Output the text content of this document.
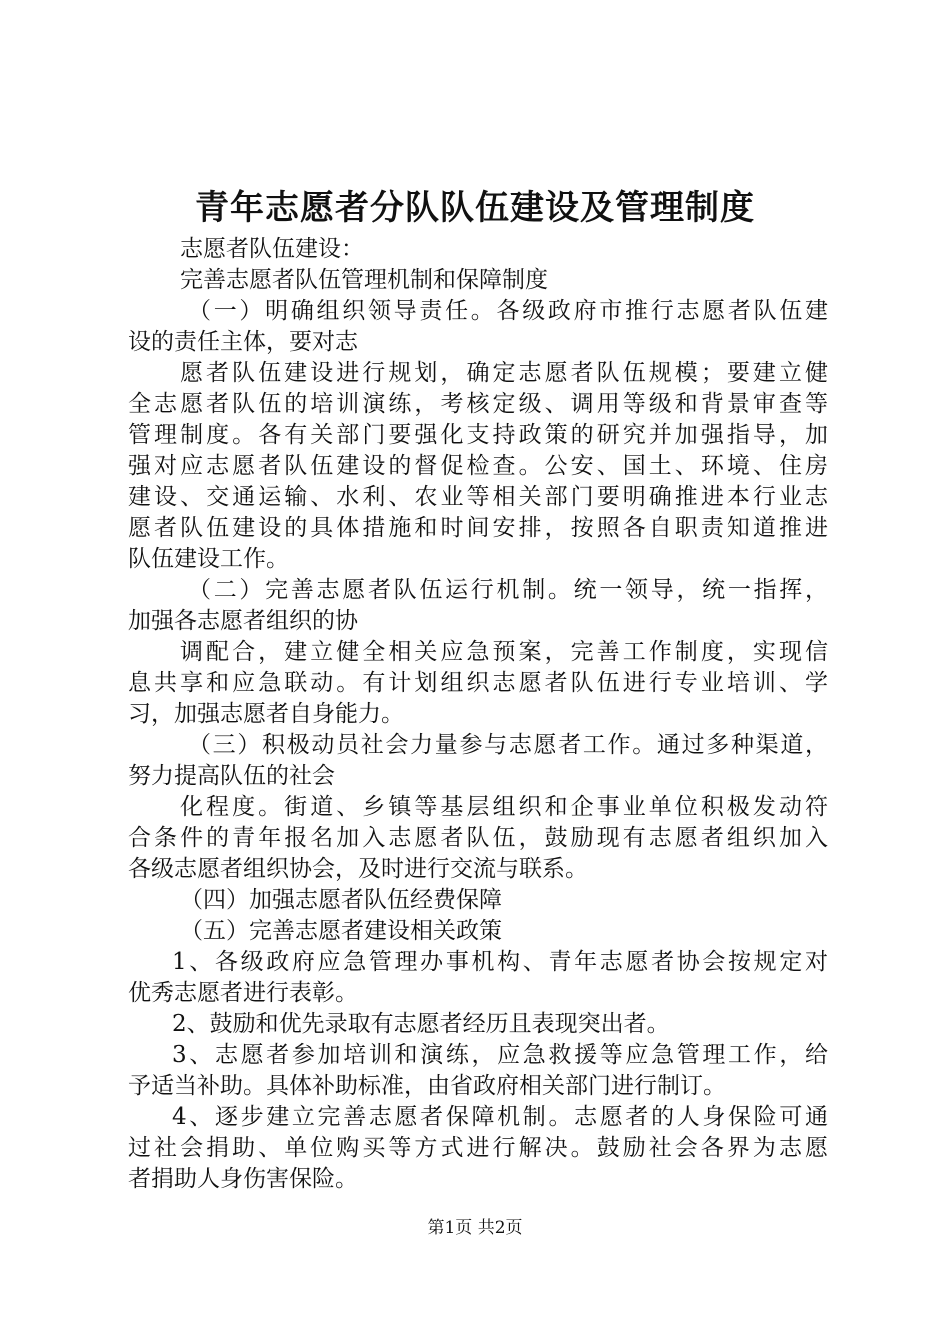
青年志愿者分队队伍建设及管理制度
志愿者队伍建设：
完善志愿者队伍管理机制和保障制度
（一）明确组织领导责任。各级政府市推行志愿者队伍建
设的责任主体，要对志
愿者队伍建设进行规划，确定志愿者队伍规模；要建立健
全志愿者队伍的培训演练，考核定级、调用等级和背景审查等
管理制度。各有关部门要强化支持政策的研究并加强指导，加
强对应志愿者队伍建设的督促检查。公安、国土、环境、住房
建设、交通运输、水利、农业等相关部门要明确推进本行业志
愿者队伍建设的具体措施和时间安排，按照各自职责知道推进
队伍建设工作。
（二）完善志愿者队伍运行机制。统一领导，统一指挥，
加强各志愿者组织的协
调配合，建立健全相关应急预案，完善工作制度，实现信
息共享和应急联动。有计划组织志愿者队伍进行专业培训、学
习，加强志愿者自身能力。
（三）积极动员社会力量参与志愿者工作。通过多种渠道，
努力提高队伍的社会
化程度。街道、乡镇等基层组织和企事业单位积极发动符
合条件的青年报名加入志愿者队伍，鼓励现有志愿者组织加入
各级志愿者组织协会，及时进行交流与联系。
（四）加强志愿者队伍经费保障
（五）完善志愿者建设相关政策
1、各级政府应急管理办事机构、青年志愿者协会按规定对
优秀志愿者进行表彰。
2、鼓励和优先录取有志愿者经历且表现突出者。
3、志愿者参加培训和演练，应急救援等应急管理工作，给
予适当补助。具体补助标准，由省政府相关部门进行制订。
4、逐步建立完善志愿者保障机制。志愿者的人身保险可通
过社会捐助、单位购买等方式进行解决。鼓励社会各界为志愿
者捐助人身伤害保险。
第1页 共2页
